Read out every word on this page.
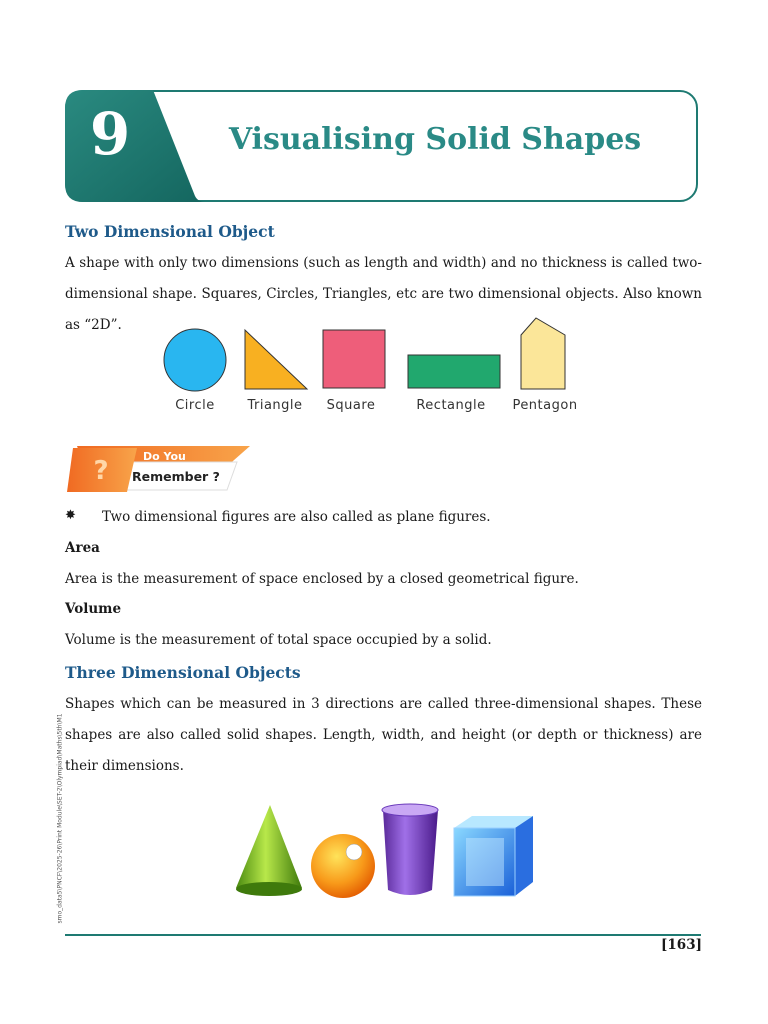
9	Visualising Solid Shapes
Two Dimensional Object

A shape with only two dimensions (such as length and width) and no thickness is called two-dimensional shape. Squares, Circles, Triangles, etc are two dimensional objects. Also known as “2D”.

Circle	Triangle	Square	Rectangle	Pentagon
?	Do You
Remember ?
✸ Two dimensional figures are also called as plane figures.

Area

Area is the measurement of space enclosed by a closed geometrical figure.

Volume

Volume is the measurement of total space occupied by a solid.

Three Dimensional Objects

Shapes which can be measured in 3 directions are called three-dimensional shapes. These shapes are also called solid shapes. Length, width, and height (or depth or thickness) are their dimensions.

[163]
smo_data5\PNCF\2025-26\Print Module\SET-2\Olympiad\Maths\5th\M1
